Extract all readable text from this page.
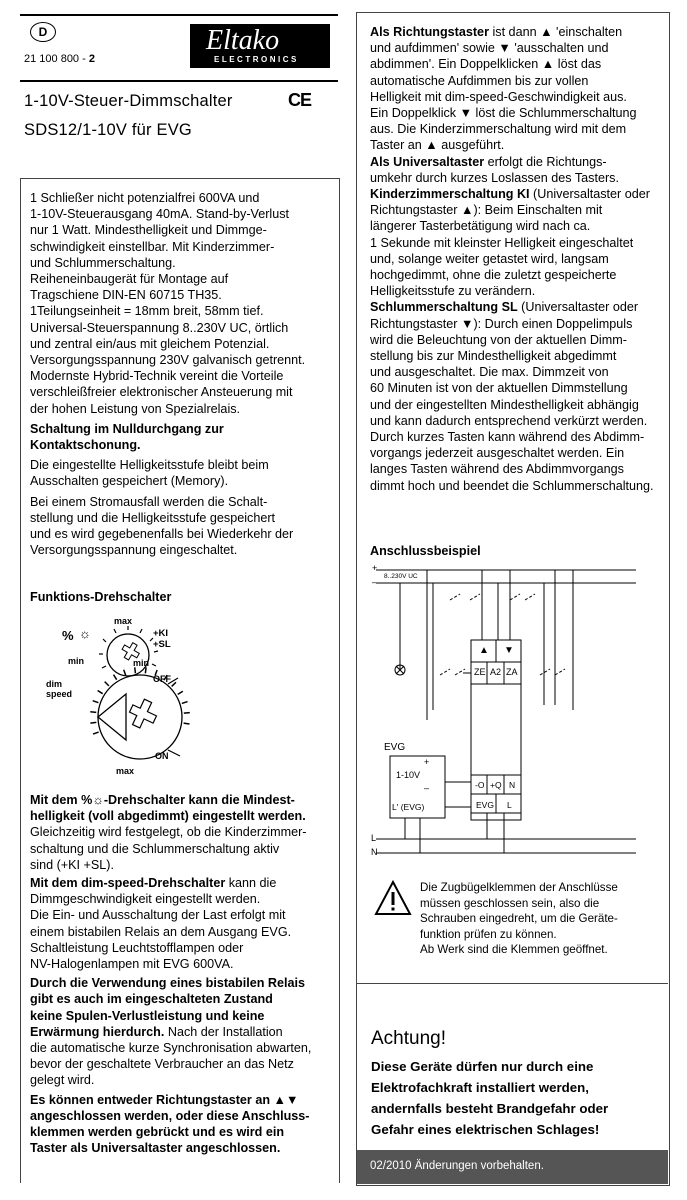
D
21 100 800 - 2
Eltako
ELECTRONICS
1-10V-Steuer-Dimmschalter
SDS12/1-10V für EVG
CE
1 Schließer nicht potenzialfrei 600VA und
1-10V-Steuerausgang 40mA. Stand-by-Verlust
nur 1 Watt. Mindesthelligkeit und Dimmge-
schwindigkeit einstellbar. Mit Kinderzimmer-
und Schlummerschaltung.
Reiheneinbaugerät für Montage auf
Tragschiene DIN-EN 60715 TH35.
1Teilungseinheit = 18mm breit, 58mm tief.
Universal-Steuerspannung 8..230V UC, örtlich
und zentral ein/aus mit gleichem Potenzial.
Versorgungsspannung 230V galvanisch getrennt.
Modernste Hybrid-Technik vereint die Vorteile
verschleißfreier elektronischer Ansteuerung mit
der hohen Leistung von Spezialrelais.
Schaltung im Nulldurchgang zur
Kontaktschonung.
Die eingestellte Helligkeitsstufe bleibt beim
Ausschalten gespeichert (Memory).
Bei einem Stromausfall werden die Schalt-
stellung und die Helligkeitsstufe gespeichert
und es wird gegebenenfalls bei Wiederkehr der
Versorgungsspannung eingeschaltet.
Funktions-Drehschalter
max
% ☼	+KI
+SL
min	min
dim
speed
OFF
ON
max
Mit dem %☼-Drehschalter kann die Mindest-
helligkeit (voll abgedimmt) eingestellt werden.
Gleichzeitig wird festgelegt, ob die Kinderzimmer-
schaltung und die Schlummerschaltung aktiv
sind (+KI +SL).
Mit dem dim-speed-Drehschalter kann die
Dimmgeschwindigkeit eingestellt werden.
Die Ein- und Ausschaltung der Last erfolgt mit
einem bistabilen Relais an dem Ausgang EVG.
Schaltleistung Leuchtstofflampen oder
NV-Halogenlampen mit EVG 600VA.
Durch die Verwendung eines bistabilen Relais
gibt es auch im eingeschalteten Zustand
keine Spulen-Verlustleistung und keine
Erwärmung hierdurch. Nach der Installation
die automatische kurze Synchronisation abwarten,
bevor der geschaltete Verbraucher an das Netz
gelegt wird.
Es können entweder Richtungstaster an ▲▼
angeschlossen werden, oder diese Anschluss-
klemmen werden gebrückt und es wird ein
Taster als Universaltaster angeschlossen.
Als Richtungstaster ist dann ▲ 'einschalten
und aufdimmen' sowie ▼ 'ausschalten und
abdimmen'. Ein Doppelklicken ▲ löst das
automatische Aufdimmen bis zur vollen
Helligkeit mit dim-speed-Geschwindigkeit aus.
Ein Doppelklick ▼ löst die Schlummerschaltung
aus. Die Kinderzimmerschaltung wird mit dem
Taster an ▲ ausgeführt.
Als Universaltaster erfolgt die Richtungs-
umkehr durch kurzes Loslassen des Tasters.
Kinderzimmerschaltung KI (Universaltaster oder
Richtungstaster ▲): Beim Einschalten mit
längerer Tasterbetätigung wird nach ca.
1 Sekunde mit kleinster Helligkeit eingeschaltet
und, solange weiter getastet wird, langsam
hochgedimmt, ohne die zuletzt gespeicherte
Helligkeitsstufe zu verändern.
Schlummerschaltung SL (Universaltaster oder
Richtungstaster ▼): Durch einen Doppelimpuls
wird die Beleuchtung von der aktuellen Dimm-
stellung bis zur Mindesthelligkeit abgedimmt
und ausgeschaltet. Die max. Dimmzeit von
60 Minuten ist von der aktuellen Dimmstellung
und der eingestellten Mindesthelligkeit abhängig
und kann dadurch entsprechend verkürzt werden.
Durch kurzes Tasten kann während des Abdimm-
vorgangs jederzeit ausgeschaltet werden. Ein
langes Tasten während des Abdimmvorgangs
dimmt hoch und beendet die Schlummerschaltung.
Anschlussbeispiel
+
–
8..230V UC
▲ ▼
ZE A2 ZA
EVG
+
1-10V
–
L' (EVG)
-O +Q N
EVG L
L
N
Die Zugbügelklemmen der Anschlüsse
müssen geschlossen sein, also die
Schrauben eingedreht, um die Geräte-
funktion prüfen zu können.
Ab Werk sind die Klemmen geöffnet.
Achtung!
Diese Geräte dürfen nur durch eine
Elektrofachkraft installiert werden,
andernfalls besteht Brandgefahr oder
Gefahr eines elektrischen Schlages!
02/2010 Änderungen vorbehalten.
